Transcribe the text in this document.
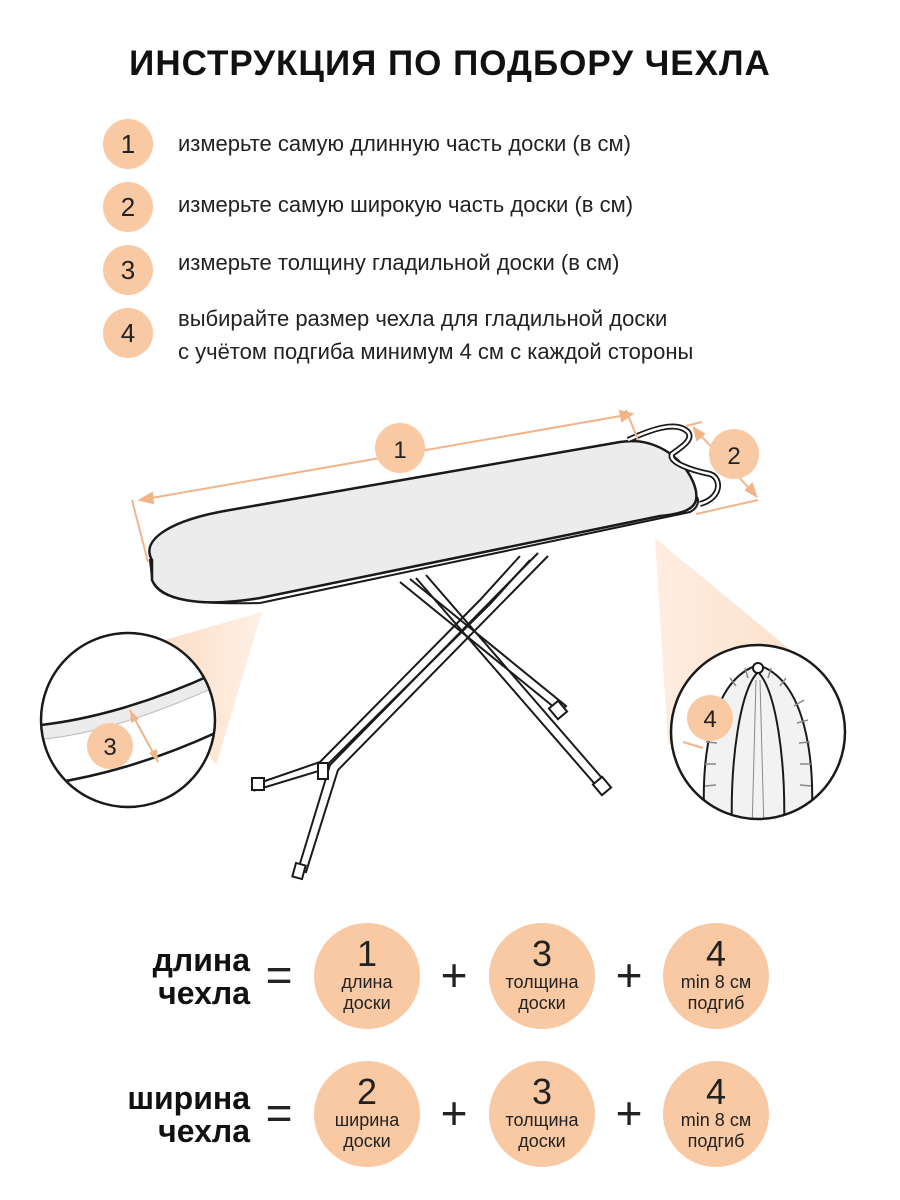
ИНСТРУКЦИЯ ПО ПОДБОРУ ЧЕХЛА
1	измерьте самую длинную часть доски (в см)
2	измерьте самую широкую часть доски (в см)
3	измерьте толщину гладильной доски (в см)
4	выбирайте размер чехла для гладильной доски
с учётом подгиба минимум 4 см с каждой стороны
1	2
3
4
длина
чехла =	1
длина
доски
+	3
толщина
доски
+	4
min 8 см
подгиб
ширина
чехла =	2
ширина
доски
+	3
толщина
доски
+	4
min 8 см
подгиб
